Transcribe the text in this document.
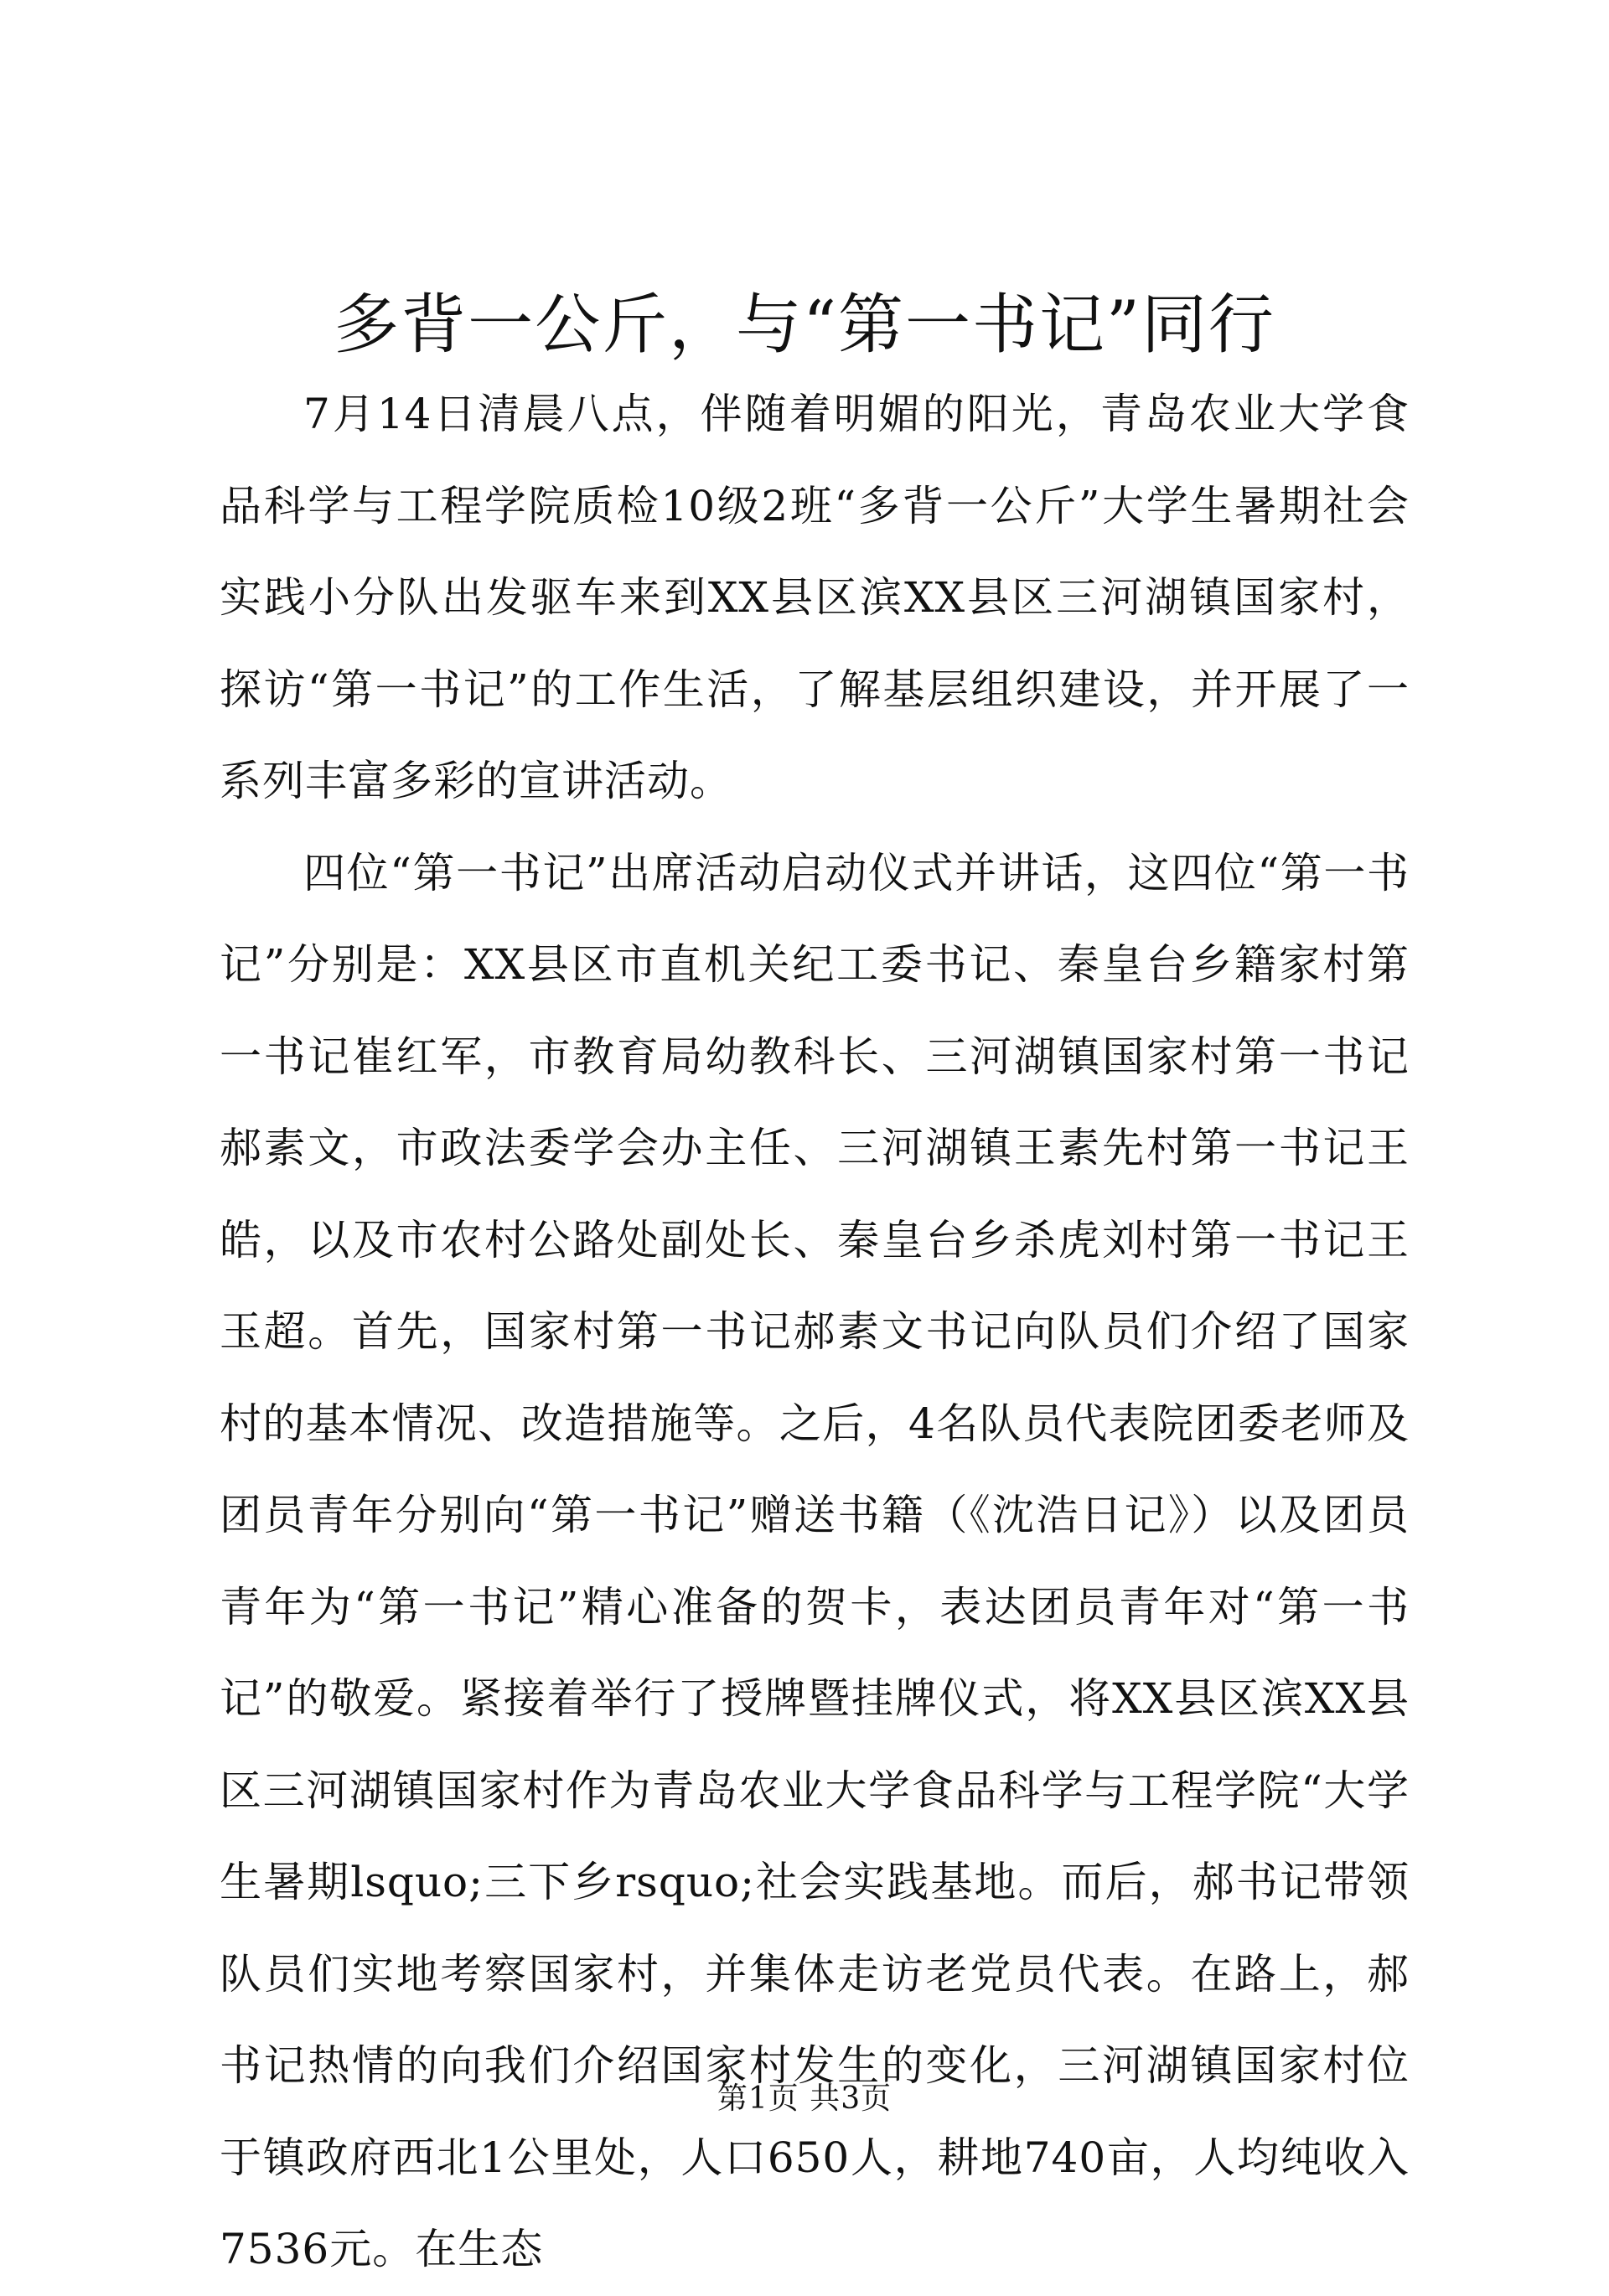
多背一公斤，与“第一书记”同行

7月14日清晨八点，伴随着明媚的阳光，青岛农业大学食品科学与工程学院质检10级2班“多背一公斤”大学生暑期社会实践小分队出发驱车来到XX县区滨XX县区三河湖镇国家村，探访“第一书记”的工作生活，了解基层组织建设，并开展了一系列丰富多彩的宣讲活动。

四位“第一书记”出席活动启动仪式并讲话，这四位“第一书记”分别是：XX县区市直机关纪工委书记、秦皇台乡籍家村第一书记崔红军，市教育局幼教科长、三河湖镇国家村第一书记郝素文，市政法委学会办主任、三河湖镇王素先村第一书记王皓，以及市农村公路处副处长、秦皇台乡杀虎刘村第一书记王玉超。首先，国家村第一书记郝素文书记向队员们介绍了国家村的基本情况、改造措施等。之后，4名队员代表院团委老师及团员青年分别向“第一书记”赠送书籍（《沈浩日记》）以及团员青年为“第一书记”精心准备的贺卡，表达团员青年对“第一书记”的敬爱。紧接着举行了授牌暨挂牌仪式，将XX县区滨XX县区三河湖镇国家村作为青岛农业大学食品科学与工程学院“大学生暑期lsquo;三下乡rsquo;社会实践基地。而后，郝书记带领队员们实地考察国家村，并集体走访老党员代表。在路上，郝书记热情的向我们介绍国家村发生的变化，三河湖镇国家村位于镇政府西北1公里处，人口650人，耕地740亩，人均纯收入7536元。在生态

第1页 共3页
